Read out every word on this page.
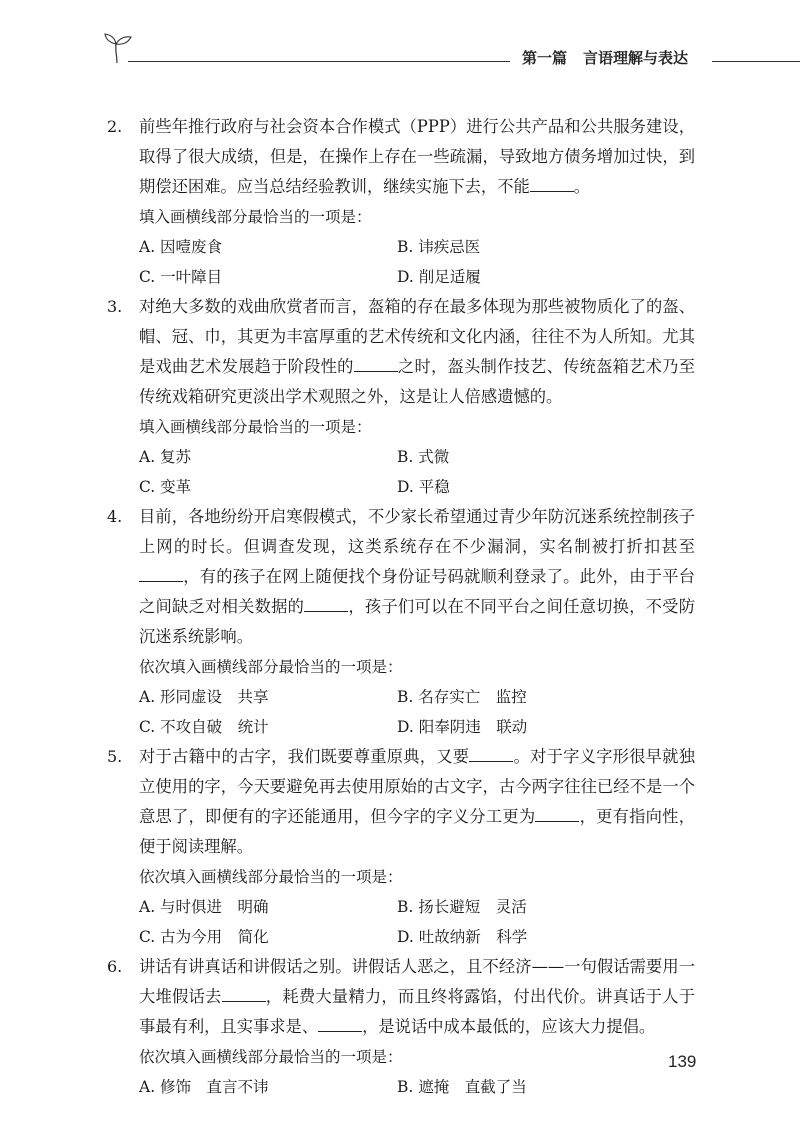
第一篇 言语理解与表达
2. 前些年推行政府与社会资本合作模式（PPP）进行公共产品和公共服务建设，取得了很大成绩，但是，在操作上存在一些疏漏，导致地方债务增加过快，到期偿还困难。应当总结经验教训，继续实施下去，不能	。
填入画横线部分最恰当的一项是：
A. 因噎废食	B. 讳疾忌医
C. 一叶障目	D. 削足适履
3. 对绝大多数的戏曲欣赏者而言，盔箱的存在最多体现为那些被物质化了的盔、帽、冠、巾，其更为丰富厚重的艺术传统和文化内涵，往往不为人所知。尤其是戏曲艺术发展趋于阶段性的	之时，盔头制作技艺、传统盔箱艺术乃至传统戏箱研究更淡出学术观照之外，这是让人倍感遗憾的。
填入画横线部分最恰当的一项是：
A. 复苏	B. 式微
C. 变革	D. 平稳
4. 目前，各地纷纷开启寒假模式，不少家长希望通过青少年防沉迷系统控制孩子上网的时长。但调查发现，这类系统存在不少漏洞，实名制被打折扣甚至，有的孩子在网上随便找个身份证号码就顺利登录了。此外，由于平台之间缺乏对相关数据的	，孩子们可以在不同平台之间任意切换，不受防沉迷系统影响。
依次填入画横线部分最恰当的一项是：
A. 形同虚设　共享	B. 名存实亡　监控
C. 不攻自破　统计	D. 阳奉阴违　联动
5. 对于古籍中的古字，我们既要尊重原典，又要	。对于字义字形很早就独立使用的字，今天要避免再去使用原始的古文字，古今两字往往已经不是一个意思了，即便有的字还能通用，但今字的字义分工更为	，更有指向性，便于阅读理解。
依次填入画横线部分最恰当的一项是：
A. 与时俱进　明确	B. 扬长避短　灵活
C. 古为今用　简化	D. 吐故纳新　科学
6. 讲话有讲真话和讲假话之别。讲假话人恶之，且不经济——一句假话需要用一大堆假话去	，耗费大量精力，而且终将露馅，付出代价。讲真话于人于事最有利，且实事求是、	，是说话中成本最低的，应该大力提倡。
依次填入画横线部分最恰当的一项是：
A. 修饰　直言不讳	B. 遮掩　直截了当
139
